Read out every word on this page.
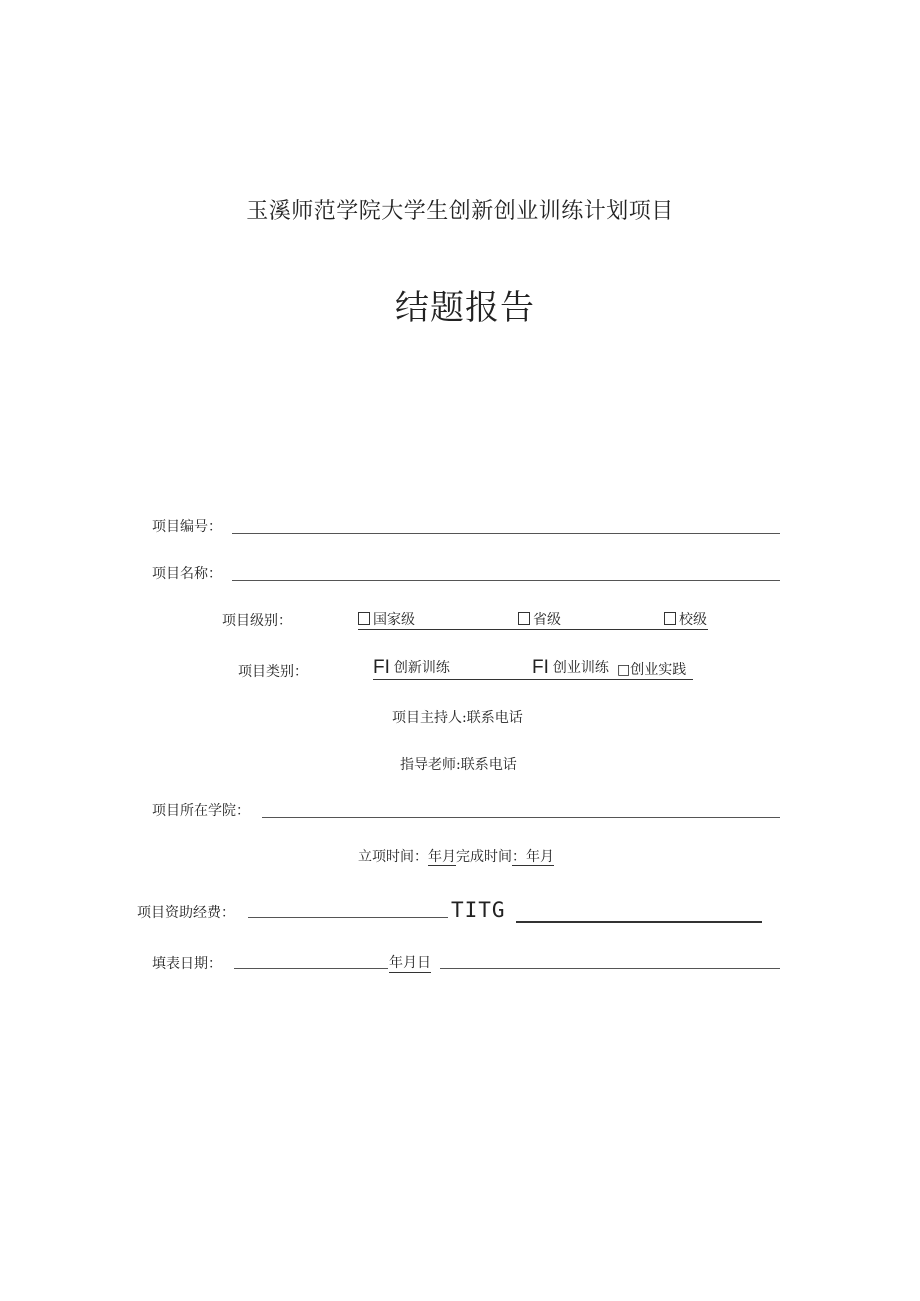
玉溪师范学院大学生创新创业训练计划项目
结题报告
项目编号：
项目名称：
项目级别：	国家级	省级	校级
项目类别：	FI 创新训练	FI 创业训练 □创业实践
项目主持人:联系电话
指导老师:联系电话
项目所在学院：
立项时间：年月完成时间：年月
项目资助经费：	TITG
填表日期：	年月日
